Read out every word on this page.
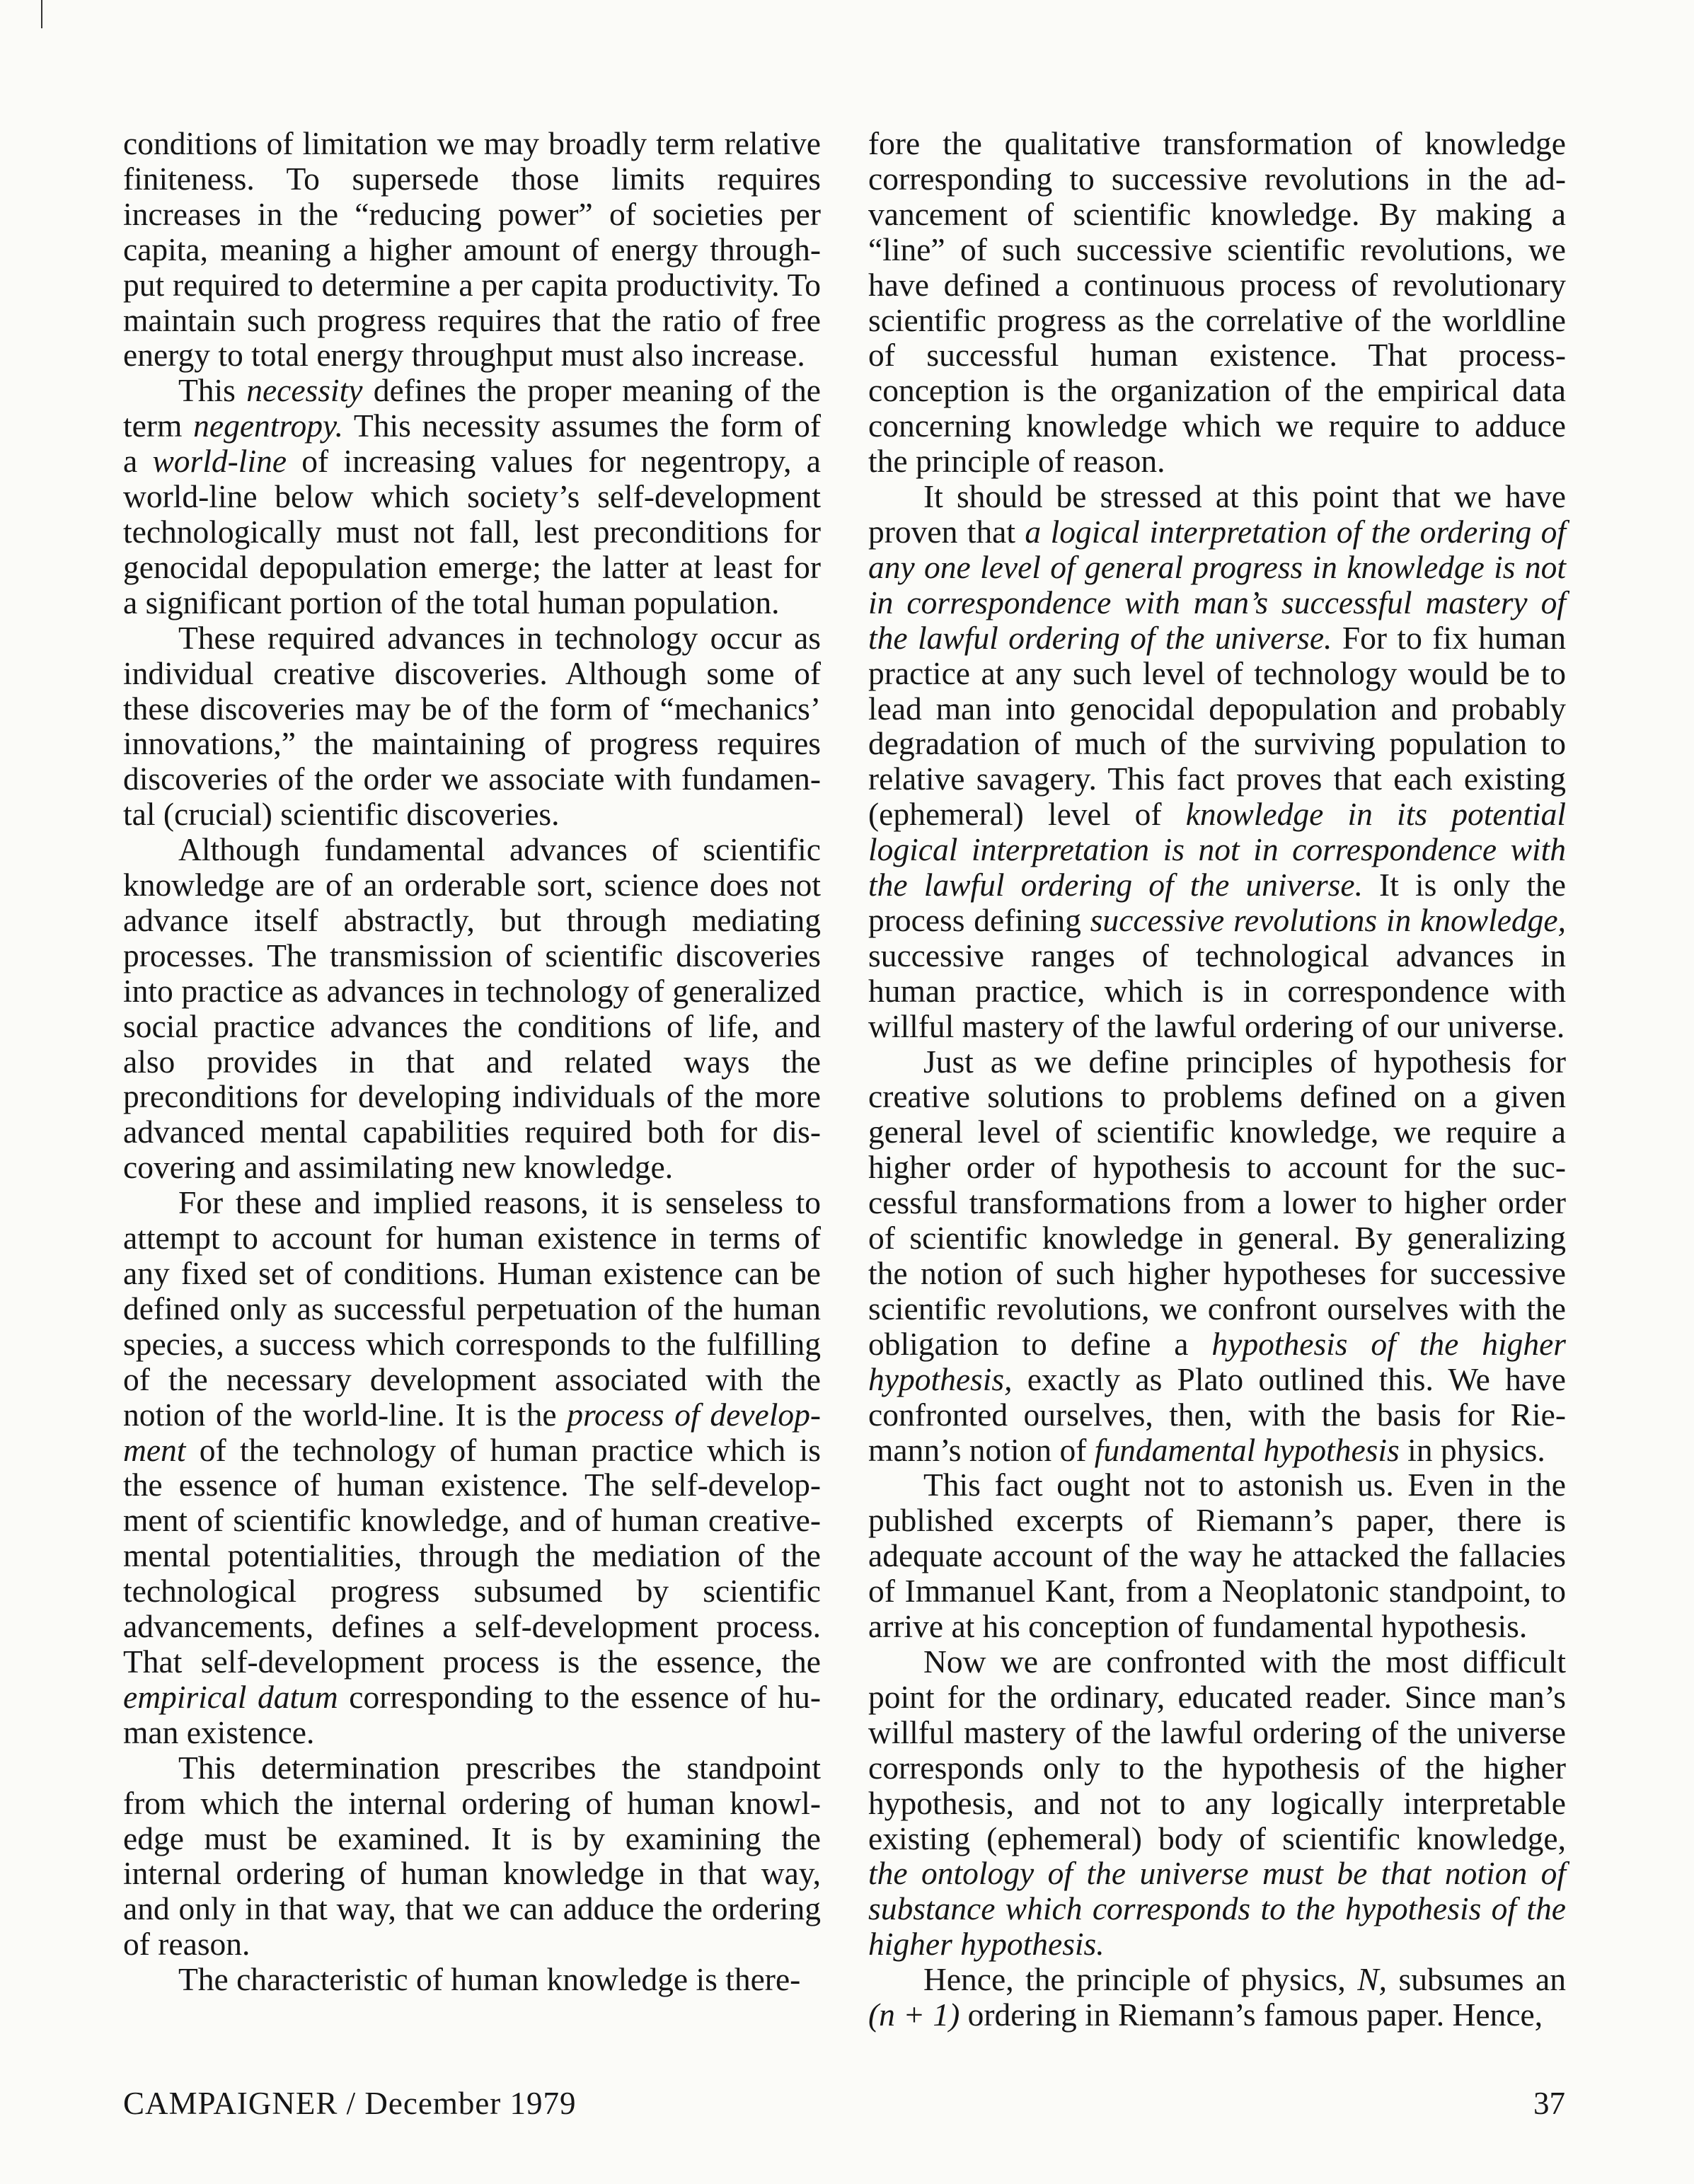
conditions of limitation we may broadly term relative finiteness. To supersede those limits requires increases in the “reducing power” of societies per capita, meaning a higher amount of energy throughput required to determine a per capita productivity. To maintain such progress requires that the ratio of free energy to total energy throughput must also increase.

This necessity defines the proper meaning of the term negentropy. This necessity assumes the form of a world-line of increasing values for negentropy, a world-line below which society’s self-development technologically must not fall, lest preconditions for genocidal depopulation emerge; the latter at least for a significant portion of the total human population.

These required advances in technology occur as individual creative discoveries. Although some of these discoveries may be of the form of “mechanics’ innovations,” the maintaining of progress requires discoveries of the order we associate with fundamental (crucial) scientific discoveries.

Although fundamental advances of scientific knowledge are of an orderable sort, science does not advance itself abstractly, but through mediating processes. The transmission of scientific discoveries into practice as advances in technology of generalized social practice advances the conditions of life, and also provides in that and related ways the preconditions for developing individuals of the more advanced mental capabilities required both for discovering and assimilating new knowledge.

For these and implied reasons, it is senseless to attempt to account for human existence in terms of any fixed set of conditions. Human existence can be defined only as successful perpetuation of the human species, a success which corresponds to the fulfilling of the necessary development associated with the notion of the world-line. It is the process of development of the technology of human practice which is the essence of human existence. The self-development of scientific knowledge, and of human creative-mental potentialities, through the mediation of the technological progress subsumed by scientific advancements, defines a self-development process. That self-development process is the essence, the empirical datum corresponding to the essence of human existence.

This determination prescribes the standpoint from which the internal ordering of human knowledge must be examined. It is by examining the internal ordering of human knowledge in that way, and only in that way, that we can adduce the ordering of reason.

The characteristic of human knowledge is there-

fore the qualitative transformation of knowledge corresponding to successive revolutions in the advancement of scientific knowledge. By making a “line” of such successive scientific revolutions, we have defined a continuous process of revolutionary scientific progress as the correlative of the worldline of successful human existence. That process-conception is the organization of the empirical data concerning knowledge which we require to adduce the principle of reason.

It should be stressed at this point that we have proven that a logical interpretation of the ordering of any one level of general progress in knowledge is not in correspondence with man’s successful mastery of the lawful ordering of the universe. For to fix human practice at any such level of technology would be to lead man into genocidal depopulation and probably degradation of much of the surviving population to relative savagery. This fact proves that each existing (ephemeral) level of knowledge in its potential logical interpretation is not in correspondence with the lawful ordering of the universe. It is only the process defining successive revolutions in knowledge, successive ranges of technological advances in human practice, which is in correspondence with willful mastery of the lawful ordering of our universe.

Just as we define principles of hypothesis for creative solutions to problems defined on a given general level of scientific knowledge, we require a higher order of hypothesis to account for the successful transformations from a lower to higher order of scientific knowledge in general. By generalizing the notion of such higher hypotheses for successive scientific revolutions, we confront ourselves with the obligation to define a hypothesis of the higher hypothesis, exactly as Plato outlined this. We have confronted ourselves, then, with the basis for Riemann’s notion of fundamental hypothesis in physics.

This fact ought not to astonish us. Even in the published excerpts of Riemann’s paper, there is adequate account of the way he attacked the fallacies of Immanuel Kant, from a Neoplatonic standpoint, to arrive at his conception of fundamental hypothesis.

Now we are confronted with the most difficult point for the ordinary, educated reader. Since man’s willful mastery of the lawful ordering of the universe corresponds only to the hypothesis of the higher hypothesis, and not to any logically interpretable existing (ephemeral) body of scientific knowledge, the ontology of the universe must be that notion of substance which corresponds to the hypothesis of the higher hypothesis.

Hence, the principle of physics, N, subsumes an (n + 1) ordering in Riemann’s famous paper. Hence,

CAMPAIGNER / December 1979	37
